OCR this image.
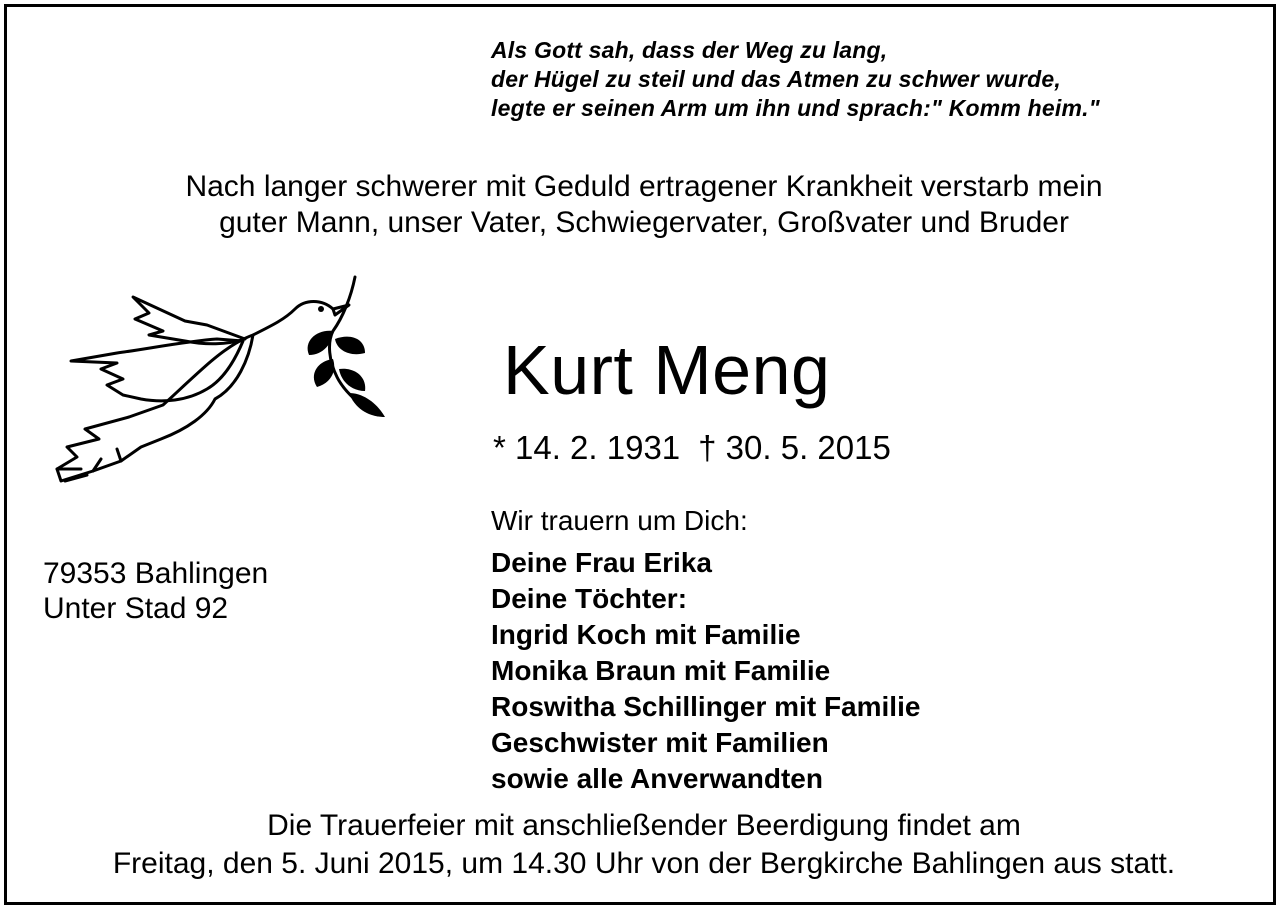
Als Gott sah, dass der Weg zu lang,
der Hügel zu steil und das Atmen zu schwer wurde,
legte er seinen Arm um ihn und sprach:" Komm heim."
Nach langer schwerer mit Geduld ertragener Krankheit verstarb mein
guter Mann, unser Vater, Schwiegervater, Großvater und Bruder
Kurt Meng
* 14. 2. 1931 † 30. 5. 2015
Wir trauern um Dich:
79353 Bahlingen
Unter Stad 92
Deine Frau Erika
Deine Töchter:
Ingrid Koch mit Familie
Monika Braun mit Familie
Roswitha Schillinger mit Familie
Geschwister mit Familien
sowie alle Anverwandten
Die Trauerfeier mit anschließender Beerdigung findet am
Freitag, den 5. Juni 2015, um 14.30 Uhr von der Bergkirche Bahlingen aus statt.
